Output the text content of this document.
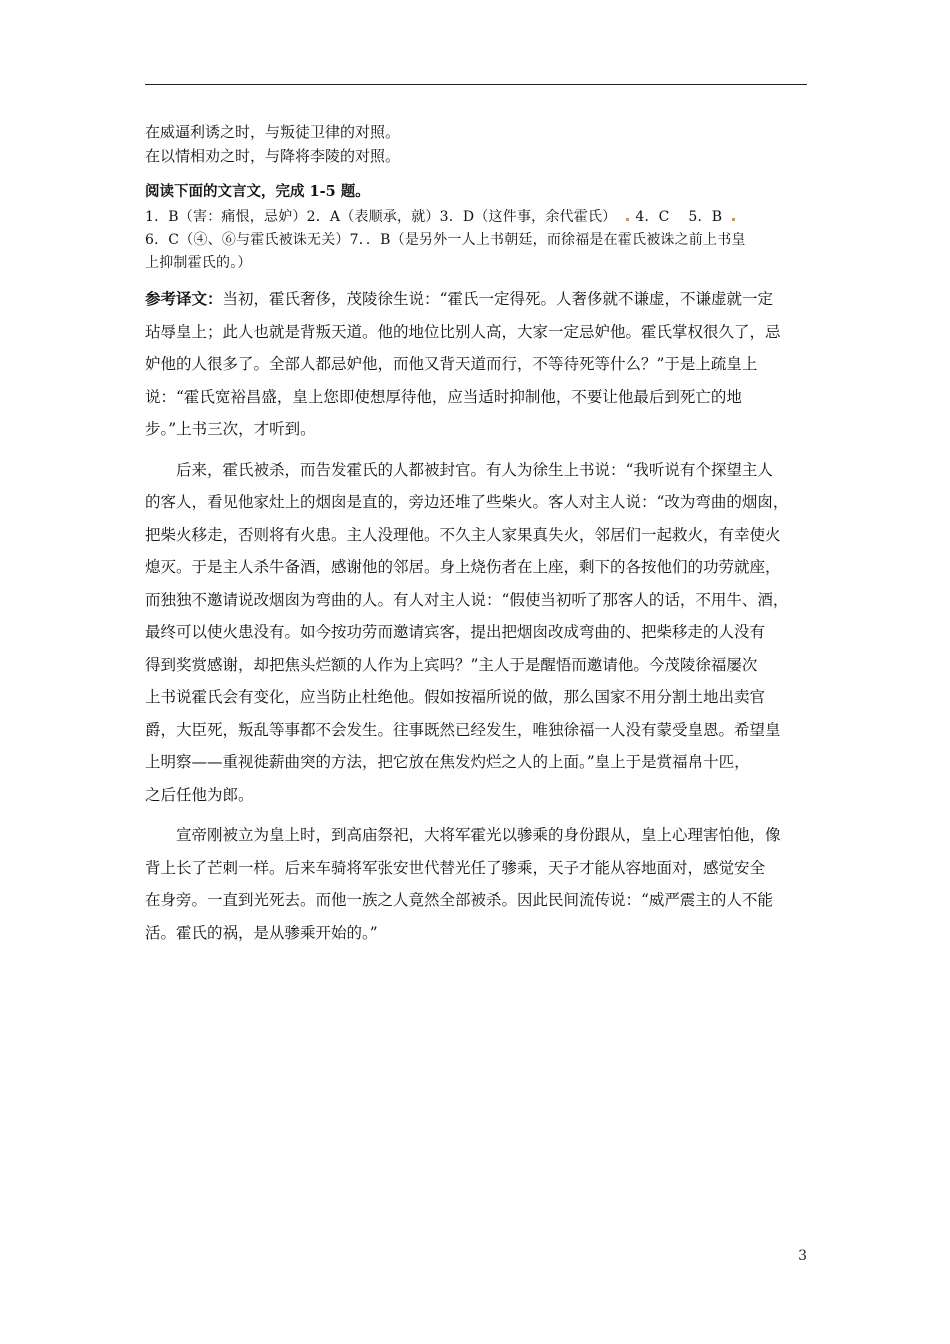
在威逼利诱之时，与叛徒卫律的对照。

在以情相劝之时，与降将李陵的对照。

阅读下面的文言文，完成 1-5 题。

1．B（害：痛恨，忌妒）2．A（表顺承，就）3．D（这件事，余代霍氏） 4．C　 5．B

6．C（④、⑥与霍氏被诛无关）7．．B（是另外一人上书朝廷，而徐福是在霍氏被诛之前上书皇

上抑制霍氏的。）

参考译文：当初，霍氏奢侈，茂陵徐生说：“霍氏一定得死。人奢侈就不谦虚，不谦虚就一定

玷辱皇上；此人也就是背叛天道。他的地位比别人高，大家一定忌妒他。霍氏掌权很久了，忌

妒他的人很多了。全部人都忌妒他，而他又背天道而行，不等待死等什么？”于是上疏皇上

说：“霍氏宽裕昌盛，皇上您即使想厚待他，应当适时抑制他，不要让他最后到死亡的地

步。”上书三次，才听到。

后来，霍氏被杀，而告发霍氏的人都被封官。有人为徐生上书说：“我听说有个探望主人

的客人，看见他家灶上的烟囱是直的，旁边还堆了些柴火。客人对主人说：“改为弯曲的烟囱，

把柴火移走，否则将有火患。主人没理他。不久主人家果真失火，邻居们一起救火，有幸使火

熄灭。于是主人杀牛备酒，感谢他的邻居。身上烧伤者在上座，剩下的各按他们的功劳就座，

而独独不邀请说改烟囱为弯曲的人。有人对主人说：“假使当初听了那客人的话，不用牛、酒，

最终可以使火患没有。如今按功劳而邀请宾客，提出把烟囱改成弯曲的、把柴移走的人没有

得到奖赏感谢，却把焦头烂额的人作为上宾吗？”主人于是醒悟而邀请他。今茂陵徐福屡次

上书说霍氏会有变化，应当防止杜绝他。假如按福所说的做，那么国家不用分割土地出卖官

爵，大臣死，叛乱等事都不会发生。往事既然已经发生，唯独徐福一人没有蒙受皇恩。希望皇

上明察——重视徙薪曲突的方法，把它放在焦发灼烂之人的上面。”皇上于是赏福帛十匹，

之后任他为郎。

宣帝刚被立为皇上时，到高庙祭祀，大将军霍光以骖乘的身份跟从，皇上心理害怕他，像

背上长了芒刺一样。后来车骑将军张安世代替光任了骖乘，天子才能从容地面对，感觉安全

在身旁。一直到光死去。而他一族之人竟然全部被杀。因此民间流传说：“威严震主的人不能

活。霍氏的祸，是从骖乘开始的。”

3
